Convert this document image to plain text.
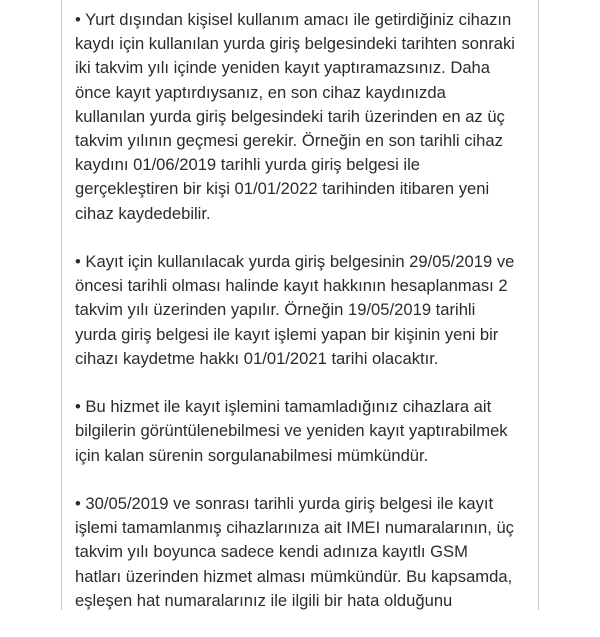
• Yurt dışından kişisel kullanım amacı ile getirdiğiniz cihazın
kaydı için kullanılan yurda giriş belgesindeki tarihten sonraki
iki takvim yılı içinde yeniden kayıt yaptıramazsınız. Daha
önce kayıt yaptırdıysanız, en son cihaz kaydınızda
kullanılan yurda giriş belgesindeki tarih üzerinden en az üç
takvim yılının geçmesi gerekir. Örneğin en son tarihli cihaz
kaydını 01/06/2019 tarihli yurda giriş belgesi ile
gerçekleştiren bir kişi 01/01/2022 tarihinden itibaren yeni
cihaz kaydedebilir.

• Kayıt için kullanılacak yurda giriş belgesinin 29/05/2019 ve
öncesi tarihli olması halinde kayıt hakkının hesaplanması 2
takvim yılı üzerinden yapılır. Örneğin 19/05/2019 tarihli
yurda giriş belgesi ile kayıt işlemi yapan bir kişinin yeni bir
cihazı kaydetme hakkı 01/01/2021 tarihi olacaktır.

• Bu hizmet ile kayıt işlemini tamamladığınız cihazlara ait
bilgilerin görüntülenebilmesi ve yeniden kayıt yaptırabilmek
için kalan sürenin sorgulanabilmesi mümkündür.

• 30/05/2019 ve sonrası tarihli yurda giriş belgesi ile kayıt
işlemi tamamlanmış cihazlarınıza ait IMEI numaralarının, üç
takvim yılı boyunca sadece kendi adınıza kayıtlı GSM
hatları üzerinden hizmet alması mümkündür. Bu kapsamda,
eşleşen hat numaralarınız ile ilgili bir hata olduğunu
